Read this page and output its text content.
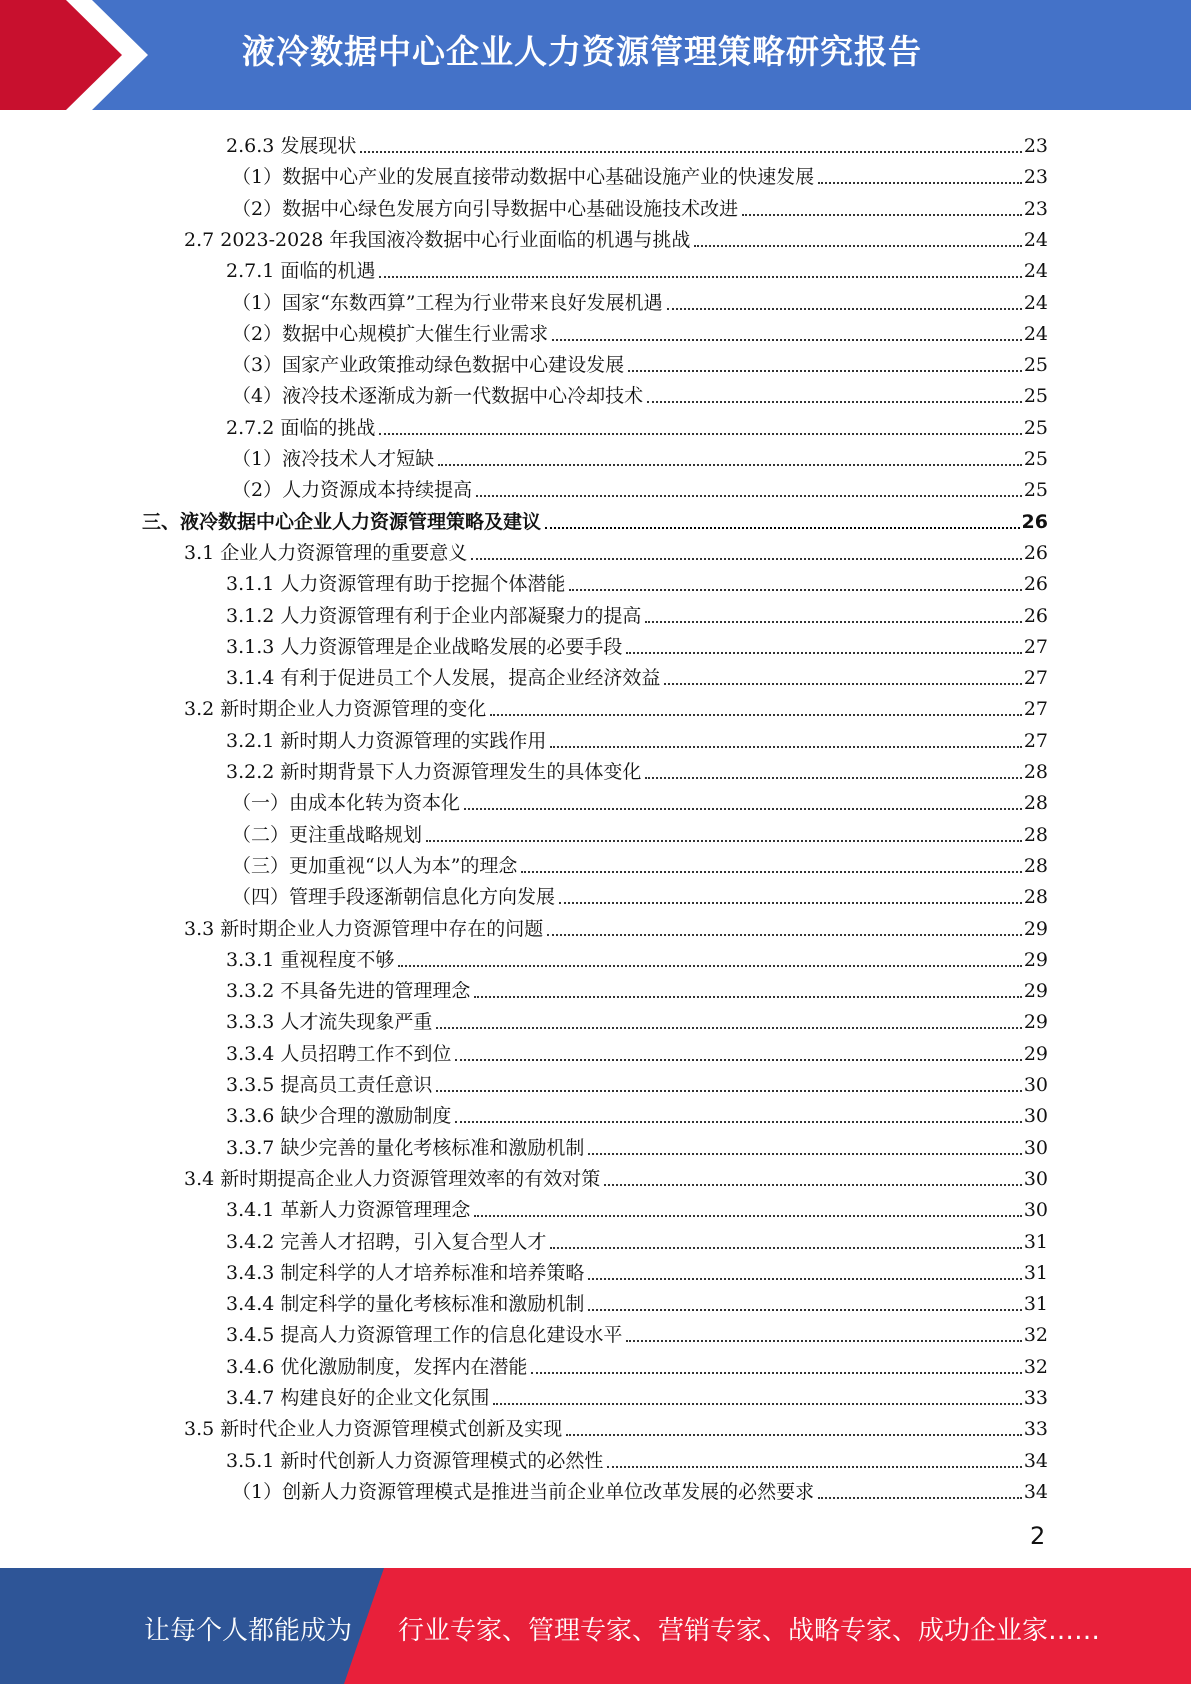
液冷数据中心企业人力资源管理策略研究报告
2.6.3 发展现状	23
（1）数据中心产业的发展直接带动数据中心基础设施产业的快速发展	23
（2）数据中心绿色发展方向引导数据中心基础设施技术改进	23
2.7 2023-2028 年我国液冷数据中心行业面临的机遇与挑战	24
2.7.1 面临的机遇	24
（1）国家“东数西算”工程为行业带来良好发展机遇	24
（2）数据中心规模扩大催生行业需求	24
（3）国家产业政策推动绿色数据中心建设发展	25
（4）液冷技术逐渐成为新一代数据中心冷却技术	25
2.7.2 面临的挑战	25
（1）液冷技术人才短缺	25
（2）人力资源成本持续提高	25
三、液冷数据中心企业人力资源管理策略及建议	26
3.1 企业人力资源管理的重要意义	26
3.1.1 人力资源管理有助于挖掘个体潜能	26
3.1.2 人力资源管理有利于企业内部凝聚力的提高	26
3.1.3 人力资源管理是企业战略发展的必要手段	27
3.1.4 有利于促进员工个人发展，提高企业经济效益	27
3.2 新时期企业人力资源管理的变化	27
3.2.1 新时期人力资源管理的实践作用	27
3.2.2 新时期背景下人力资源管理发生的具体变化	28
（一）由成本化转为资本化	28
（二）更注重战略规划	28
（三）更加重视“以人为本”的理念	28
（四）管理手段逐渐朝信息化方向发展	28
3.3 新时期企业人力资源管理中存在的问题	29
3.3.1 重视程度不够	29
3.3.2 不具备先进的管理理念	29
3.3.3 人才流失现象严重	29
3.3.4 人员招聘工作不到位	29
3.3.5 提高员工责任意识	30
3.3.6 缺少合理的激励制度	30
3.3.7 缺少完善的量化考核标准和激励机制	30
3.4 新时期提高企业人力资源管理效率的有效对策	30
3.4.1 革新人力资源管理理念	30
3.4.2 完善人才招聘，引入复合型人才	31
3.4.3 制定科学的人才培养标准和培养策略	31
3.4.4 制定科学的量化考核标准和激励机制	31
3.4.5 提高人力资源管理工作的信息化建设水平	32
3.4.6 优化激励制度，发挥内在潜能	32
3.4.7 构建良好的企业文化氛围	33
3.5 新时代企业人力资源管理模式创新及实现	33
3.5.1 新时代创新人力资源管理模式的必然性	34
（1）创新人力资源管理模式是推进当前企业单位改革发展的必然要求	34
2
让每个人都能成为 行业专家、管理专家、营销专家、战略专家、成功企业家……
